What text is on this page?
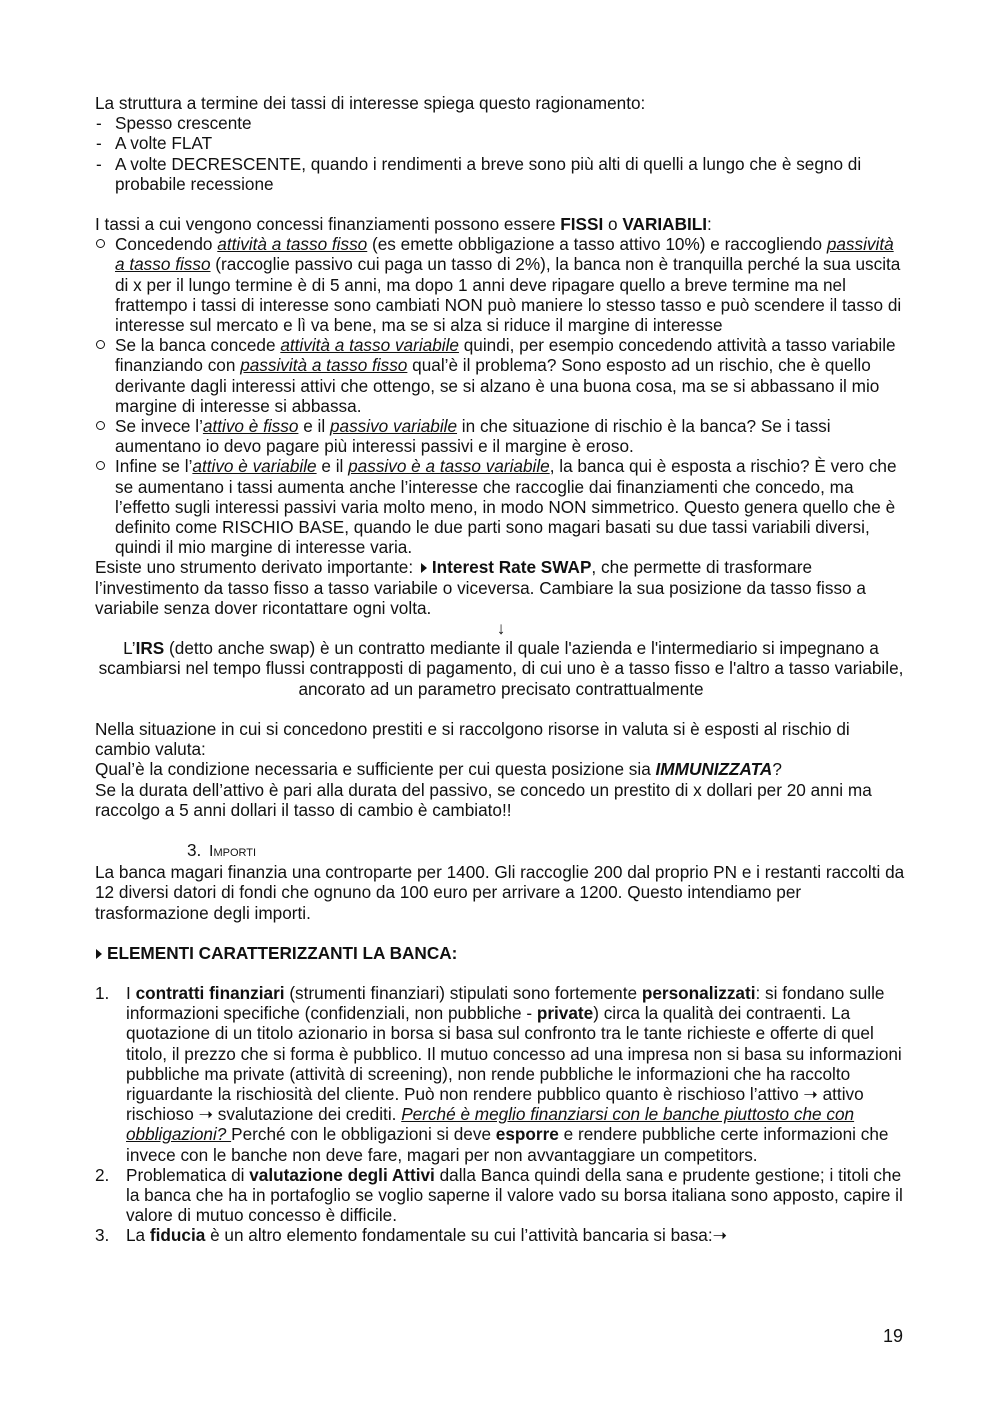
La struttura a termine dei tassi di interesse spiega questo ragionamento:

- Spesso crescente

- A volte FLAT

- A volte DECRESCENTE, quando i rendimenti a breve sono più alti di quelli a lungo che è segno di probabile recessione

I tassi a cui vengono concessi finanziamenti possono essere FISSI o VARIABILI:

Concedendo attività a tasso fisso (es emette obbligazione a tasso attivo 10%) e raccogliendo passività a tasso fisso (raccoglie passivo cui paga un tasso di 2%), la banca non è tranquilla perché la sua uscita di x per il lungo termine è di 5 anni, ma dopo 1 anni deve ripagare quello a breve termine ma nel frattempo i tassi di interesse sono cambiati NON può maniere lo stesso tasso e può scendere il tasso di interesse sul mercato e lì va bene, ma se si alza si riduce il margine di interesse

Se la banca concede attività a tasso variabile quindi, per esempio concedendo attività a tasso variabile finanziando con passività a tasso fisso qual’è il problema? Sono esposto ad un rischio, che è quello derivante dagli interessi attivi che ottengo, se si alzano è una buona cosa, ma se si abbassano il mio margine di interesse si abbassa.

Se invece l’attivo è fisso e il passivo variabile in che situazione di rischio è la banca? Se i tassi aumentano io devo pagare più interessi passivi e il margine è eroso.

Infine se l’attivo è variabile e il passivo è a tasso variabile, la banca qui è esposta a rischio? È vero che se aumentano i tassi aumenta anche l’interesse che raccoglie dai finanziamenti che concedo, ma l’effetto sugli interessi passivi varia molto meno, in modo NON simmetrico. Questo genera quello che è definito come RISCHIO BASE, quando le due parti sono magari basati su due tassi variabili diversi, quindi il mio margine di interesse varia.

Esiste uno strumento derivato importante: Interest Rate SWAP, che permette di trasformare l’investimento da tasso fisso a tasso variabile o viceversa. Cambiare la sua posizione da tasso fisso a variabile senza dover ricontattare ogni volta.

↓

L’IRS (detto anche swap) è un contratto mediante il quale l'azienda e l'intermediario si impegnano a scambiarsi nel tempo flussi contrapposti di pagamento, di cui uno è a tasso fisso e l'altro a tasso variabile, ancorato ad un parametro precisato contrattualmente

Nella situazione in cui si concedono prestiti e si raccolgono risorse in valuta si è esposti al rischio di cambio valuta:

Qual’è la condizione necessaria e sufficiente per cui questa posizione sia IMMUNIZZATA?

Se la durata dell’attivo è pari alla durata del passivo, se concedo un prestito di x dollari per 20 anni ma raccolgo a 5 anni dollari il tasso di cambio è cambiato!!

3. Importi

La banca magari finanzia una controparte per 1400. Gli raccoglie 200 dal proprio PN e i restanti raccolti da 12 diversi datori di fondi che ognuno da 100 euro per arrivare a 1200. Questo intendiamo per trasformazione degli importi.

ELEMENTI CARATTERIZZANTI LA BANCA:

1. I contratti finanziari (strumenti finanziari) stipulati sono fortemente personalizzati: si fondano sulle informazioni specifiche (confidenziali, non pubbliche - private) circa la qualità dei contraenti. La quotazione di un titolo azionario in borsa si basa sul confronto tra le tante richieste e offerte di quel titolo, il prezzo che si forma è pubblico. Il mutuo concesso ad una impresa non si basa su informazioni pubbliche ma private (attività di screening), non rende pubbliche le informazioni che ha raccolto riguardante la rischiosità del cliente. Può non rendere pubblico quanto è rischioso l’attivo ➝ attivo rischioso ➝ svalutazione dei crediti. Perché è meglio finanziarsi con le banche piuttosto che con obbligazioni? Perché con le obbligazioni si deve esporre e rendere pubbliche certe informazioni che invece con le banche non deve fare, magari per non avvantaggiare un competitors.

2. Problematica di valutazione degli Attivi dalla Banca quindi della sana e prudente gestione; i titoli che la banca che ha in portafoglio se voglio saperne il valore vado su borsa italiana sono apposto, capire il valore di mutuo concesso è difficile.

3. La fiducia è un altro elemento fondamentale su cui l’attività bancaria si basa:➝

19
